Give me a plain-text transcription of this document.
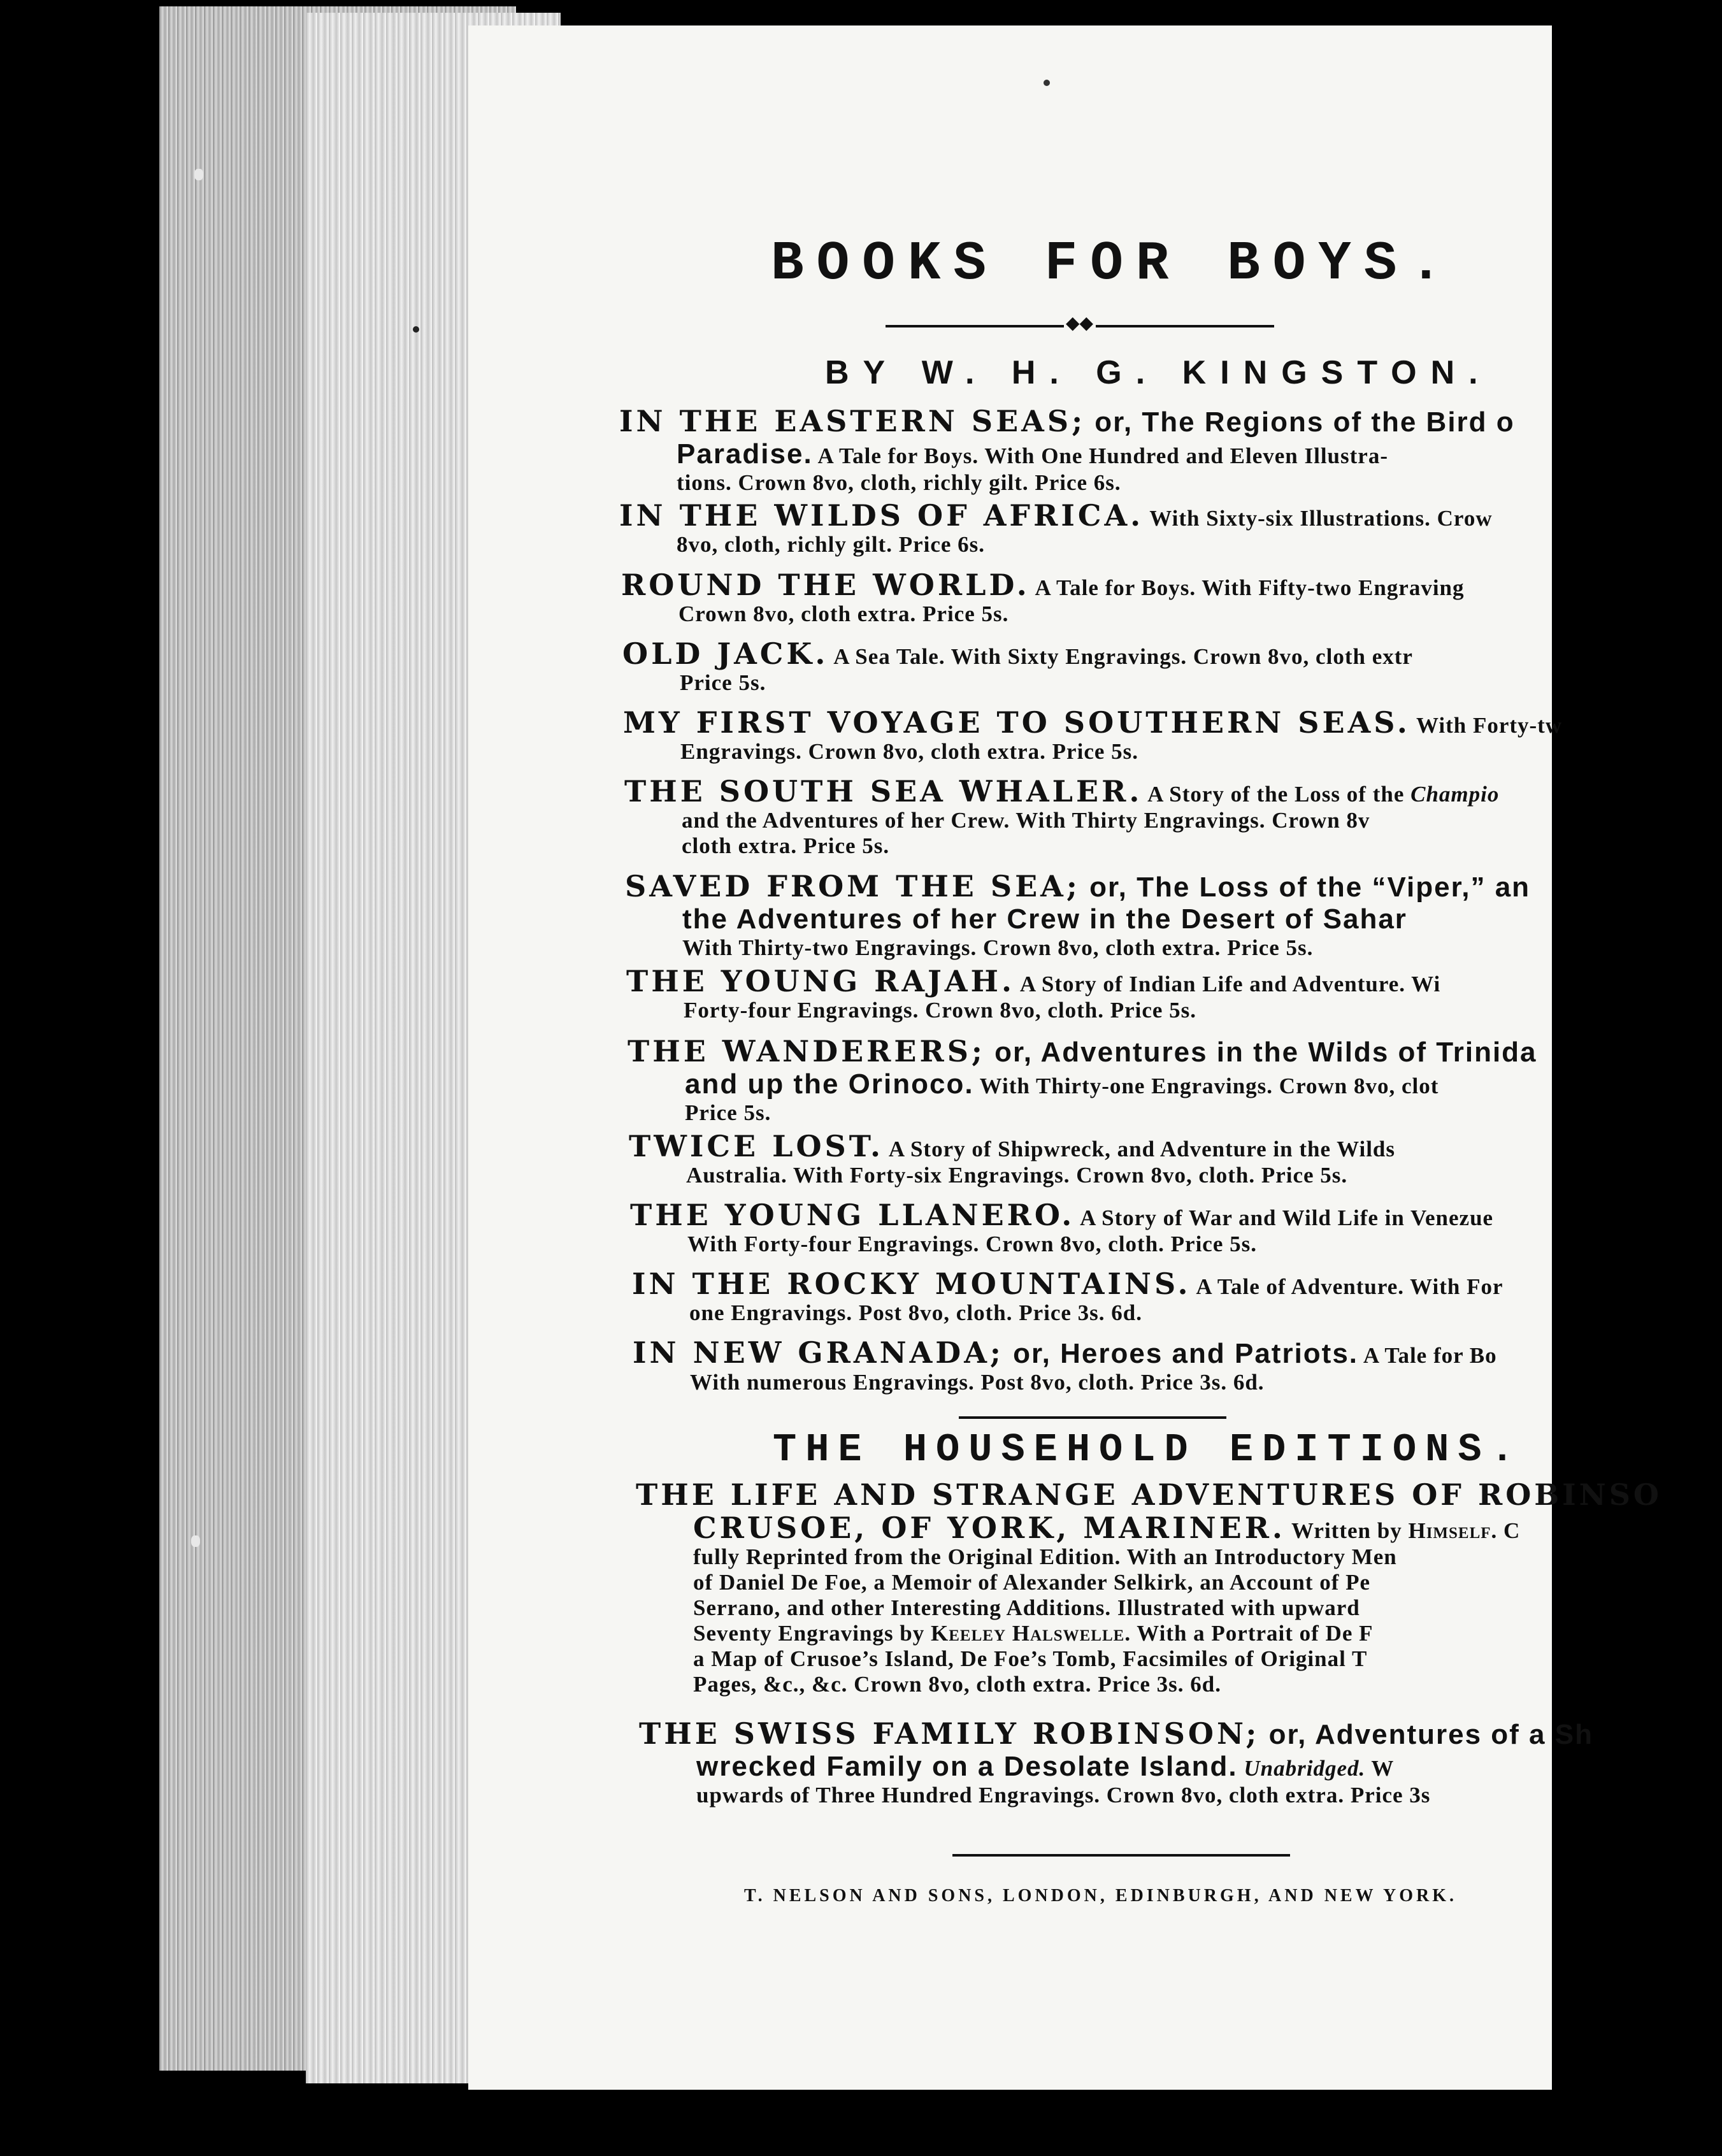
BOOKS FOR BOYS.
◆◆
BY W. H. G. KINGSTON.
IN THE EASTERN SEAS; or, The Regions of the Bird o
Paradise. A Tale for Boys. With One Hundred and Eleven Illustra-
tions. Crown 8vo, cloth, richly gilt. Price 6s.
IN THE WILDS OF AFRICA. With Sixty-six Illustrations. Crow
8vo, cloth, richly gilt. Price 6s.
ROUND THE WORLD. A Tale for Boys. With Fifty-two Engraving
Crown 8vo, cloth extra. Price 5s.
OLD JACK. A Sea Tale. With Sixty Engravings. Crown 8vo, cloth extr
Price 5s.
MY FIRST VOYAGE TO SOUTHERN SEAS. With Forty-tw
Engravings. Crown 8vo, cloth extra. Price 5s.
THE SOUTH SEA WHALER. A Story of the Loss of the Champio
and the Adventures of her Crew. With Thirty Engravings. Crown 8v
cloth extra. Price 5s.
SAVED FROM THE SEA; or, The Loss of the “Viper,” an
the Adventures of her Crew in the Desert of Sahar
With Thirty-two Engravings. Crown 8vo, cloth extra. Price 5s.
THE YOUNG RAJAH. A Story of Indian Life and Adventure. Wi
Forty-four Engravings. Crown 8vo, cloth. Price 5s.
THE WANDERERS; or, Adventures in the Wilds of Trinida
and up the Orinoco. With Thirty-one Engravings. Crown 8vo, clot
Price 5s.
TWICE LOST. A Story of Shipwreck, and Adventure in the Wilds
Australia. With Forty-six Engravings. Crown 8vo, cloth. Price 5s.
THE YOUNG LLANERO. A Story of War and Wild Life in Venezue
With Forty-four Engravings. Crown 8vo, cloth. Price 5s.
IN THE ROCKY MOUNTAINS. A Tale of Adventure. With For
one Engravings. Post 8vo, cloth. Price 3s. 6d.
IN NEW GRANADA; or, Heroes and Patriots. A Tale for Bo
With numerous Engravings. Post 8vo, cloth. Price 3s. 6d.
THE HOUSEHOLD EDITIONS.
THE LIFE AND STRANGE ADVENTURES OF ROBINSO
CRUSOE, OF YORK, MARINER. Written by Himself. C
fully Reprinted from the Original Edition. With an Introductory Men
of Daniel De Foe, a Memoir of Alexander Selkirk, an Account of Pe
Serrano, and other Interesting Additions. Illustrated with upward
Seventy Engravings by Keeley Halswelle. With a Portrait of De F
a Map of Crusoe’s Island, De Foe’s Tomb, Facsimiles of Original T
Pages, &c., &c. Crown 8vo, cloth extra. Price 3s. 6d.
THE SWISS FAMILY ROBINSON; or, Adventures of a Sh
wrecked Family on a Desolate Island. Unabridged. W
upwards of Three Hundred Engravings. Crown 8vo, cloth extra. Price 3s
T. NELSON AND SONS, LONDON, EDINBURGH, AND NEW YORK.
